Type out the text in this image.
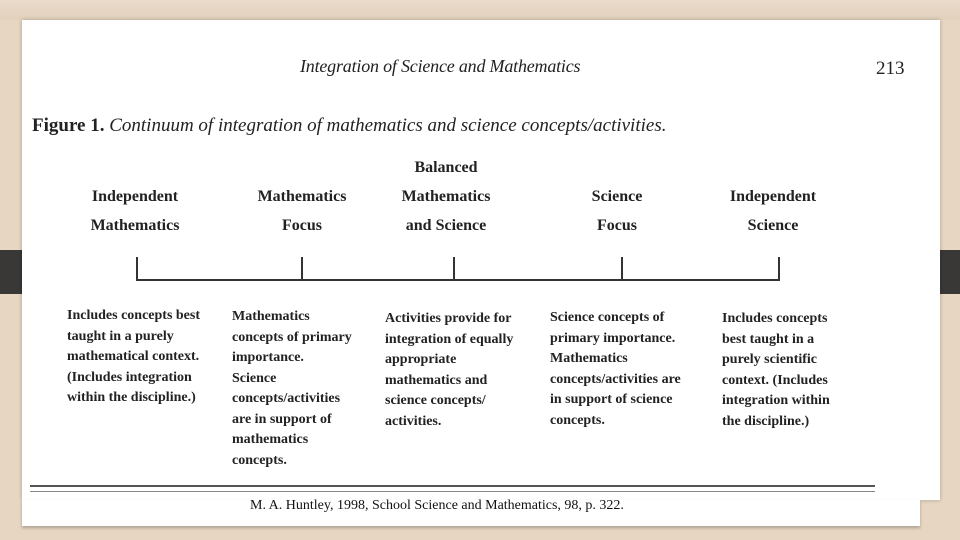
Integration of Science and Mathematics	213
Figure 1. Continuum of integration of mathematics and science concepts/activities.
Independent
Mathematics
Mathematics
Focus
Balanced
Mathematics
and Science
Science
Focus
Independent
Science
Includes concepts best
taught in a purely
mathematical context.
(Includes integration
within the discipline.)
Mathematics
concepts of primary
importance.
Science
concepts/activities
are in support of
mathematics
concepts.
Activities provide for
integration of equally
appropriate
mathematics and
science concepts/
activities.
Science concepts of
primary importance.
Mathematics
concepts/activities are
in support of science
concepts.
Includes concepts
best taught in a
purely scientific
context. (Includes
integration within
the discipline.)
M. A. Huntley, 1998, School Science and Mathematics, 98, p. 322.
